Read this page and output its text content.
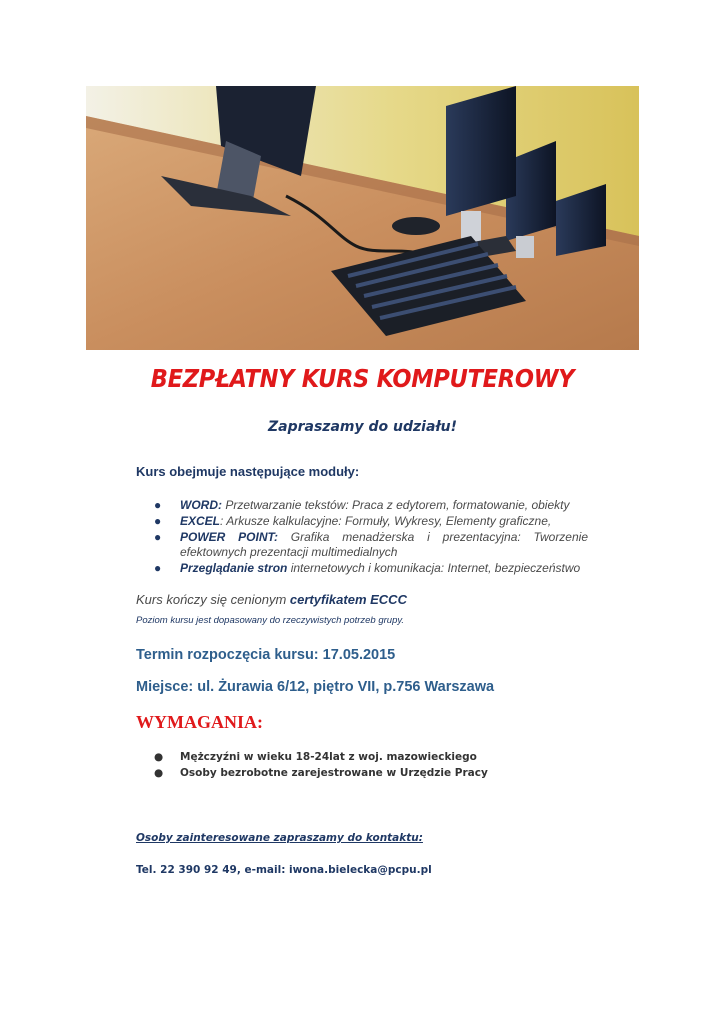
BEZPŁATNY KURS KOMPUTEROWY
Zapraszamy do udziału!
Kurs obejmuje następujące moduły:
● WORD: Przetwarzanie tekstów: Praca z edytorem, formatowanie, obiekty
● EXCEL: Arkusze kalkulacyjne: Formuły, Wykresy, Elementy graficzne,
● POWER POINT: Grafika menadżerska i prezentacyjna: Tworzenie efektownych prezentacji multimedialnych
● Przeglądanie stron internetowych i komunikacja: Internet, bezpieczeństwo
Kurs kończy się cenionym certyfikatem ECCC
Poziom kursu jest dopasowany do rzeczywistych potrzeb grupy.
Termin rozpoczęcia kursu: 17.05.2015
Miejsce: ul. Żurawia 6/12, piętro VII, p.756 Warszawa
WYMAGANIA:
● Mężczyźni w wieku 18-24lat z woj. mazowieckiego
● Osoby bezrobotne zarejestrowane w Urzędzie Pracy
Osoby zainteresowane zapraszamy do kontaktu:
Tel. 22 390 92 49, e-mail: iwona.bielecka@pcpu.pl
